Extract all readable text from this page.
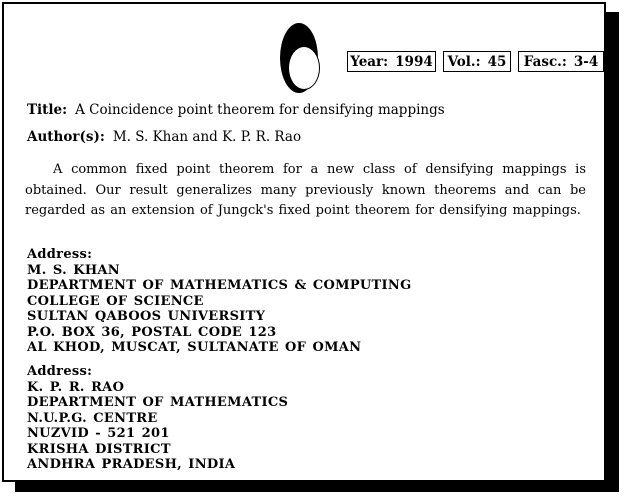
Year: 1994 Vol.: 45 Fasc.: 3-4
Title: A Coincidence point theorem for densifying mappings
Author(s): M. S. Khan and K. P. R. Rao
A common fixed point theorem for a new class of densifying mappings is obtained. Our result generalizes many previously known theorems and can be regarded as an extension of Jungck's fixed point theorem for densifying mappings.
Address:
M. S. KHAN
DEPARTMENT OF MATHEMATICS & COMPUTING
COLLEGE OF SCIENCE
SULTAN QABOOS UNIVERSITY
P.O. BOX 36, POSTAL CODE 123
AL KHOD, MUSCAT, SULTANATE OF OMAN
Address:
K. P. R. RAO
DEPARTMENT OF MATHEMATICS
N.U.P.G. CENTRE
NUZVID - 521 201
KRISHA DISTRICT
ANDHRA PRADESH, INDIA
